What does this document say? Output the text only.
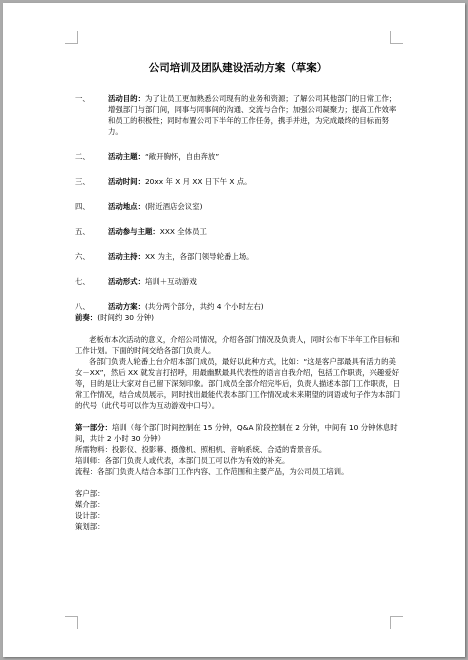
公司培训及团队建设活动方案（草案）
一、	活动目的：为了让员工更加熟悉公司现有的业务和资源；了解公司其他部门的日常工作；增强部门与部门间，同事与同事间的沟通、交流与合作；加强公司凝聚力；提高工作效率和员工的积极性；同时布置公司下半年的工作任务，携手并进，为完成最终的目标而努力。
二、	活动主题：“敞开胸怀，自由奔放”
三、	活动时间：20xx 年 X 月 XX 日下午 X 点。
四、	活动地点：(附近酒店会议室)
五、	活动参与主题：XXX 全体员工
六、	活动主持：XX 为主，各部门领导轮番上场。
七、	活动形式：培训＋互动游戏
八、	活动方案：(共分两个部分，共约 4 个小时左右)
前奏：(时间约 30 分钟)
老板布本次活动的意义，介绍公司情况，介绍各部门情况及负责人，同时公布下半年工作目标和工作计划。下面的时间交给各部门负责人。
各部门负责人轮番上台介绍本部门成员，最好以此种方式，比如：“这是客户部最具有活力的美女－XX”，然后 XX 就发言打招呼，用最幽默最具代表性的语言自我介绍，包括工作职责，兴趣爱好等，目的是让大家对自己留下深刻印象。部门成员全部介绍完毕后，负责人描述本部门工作职责，日常工作情况，结合成员展示，同时找出最能代表本部门工作情况或未来期望的词语或句子作为本部门的代号（此代号可以作为互动游戏中口号）。
第一部分：培训（每个部门时间控制在 15 分钟，Q&A 阶段控制在 2 分钟，中间有 10 分钟休息时间，共计 2 小时 30 分钟）
所需物料：投影仪、投影幕、摄像机、照相机、音响系统、合适的背景音乐。
培训师：各部门负责人或代表，本部门员工可以作为有效的补充。
流程：各部门负责人结合本部门工作内容、工作范围和主要产品，为公司员工培训。
客户部：
媒介部：
设计部：
策划部：
